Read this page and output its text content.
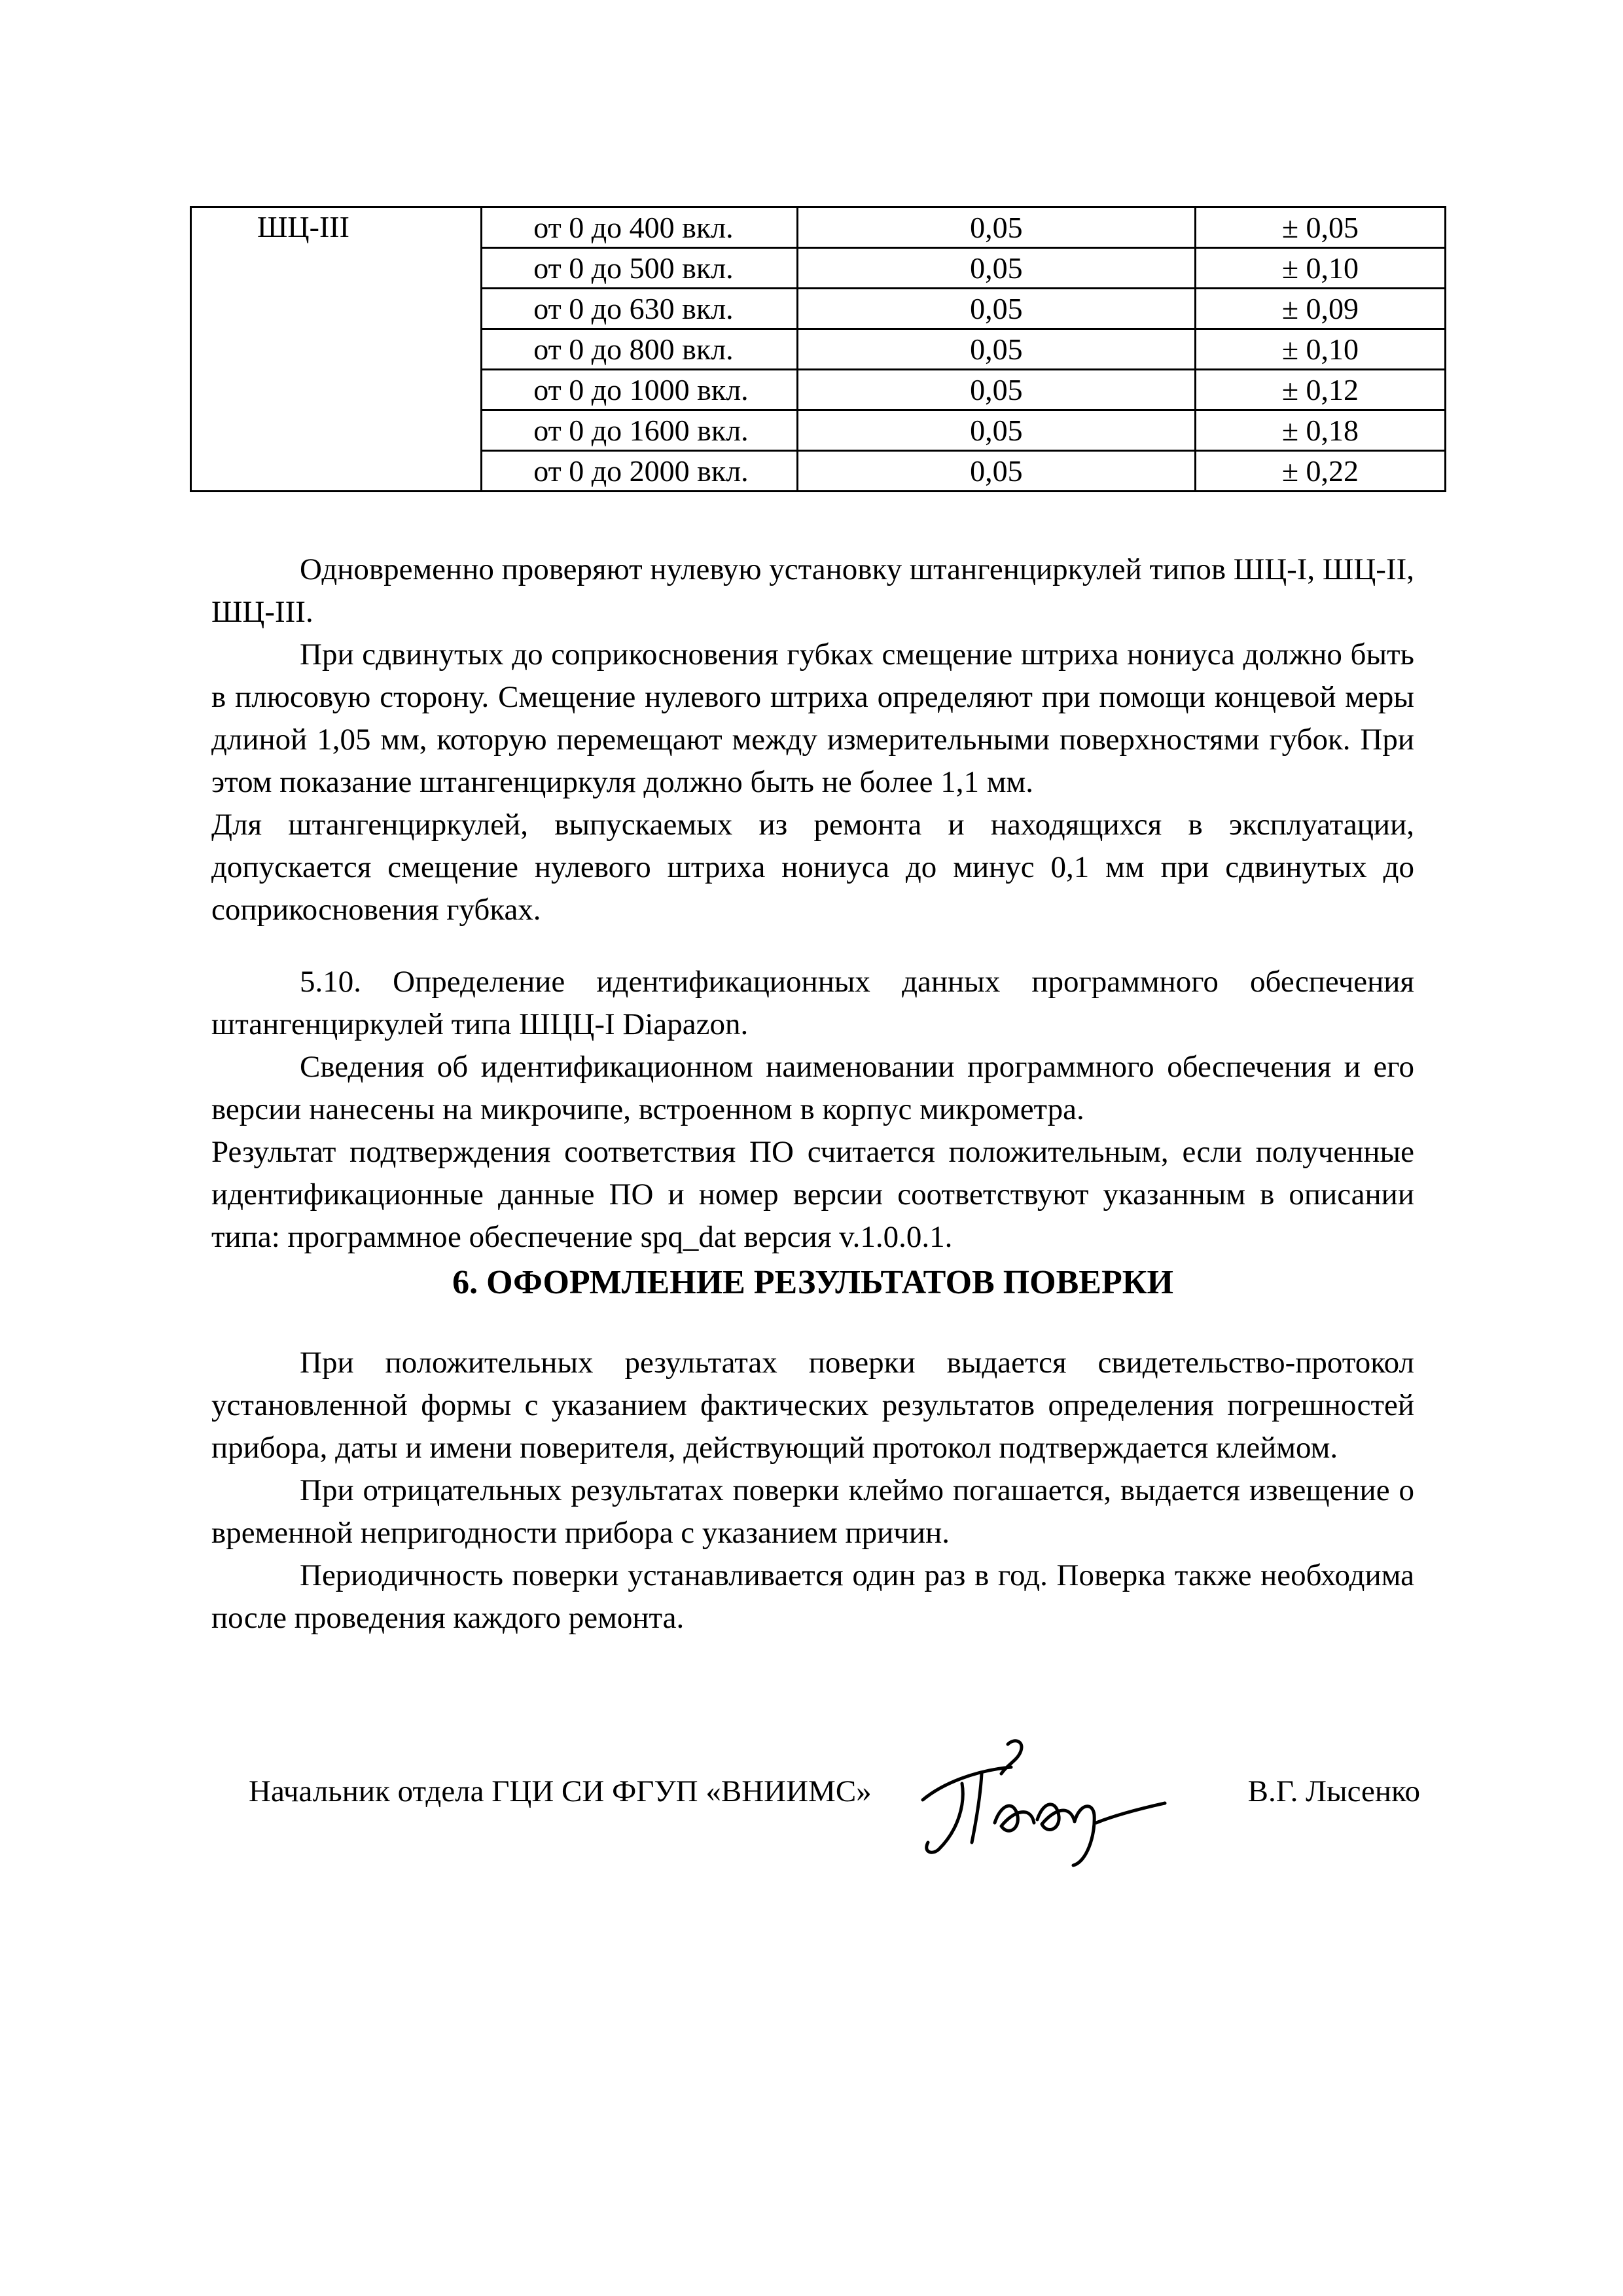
ШЦ-III	от 0 до 400 вкл.	0,05	± 0,05
	от 0 до 500 вкл.	0,05	± 0,10
	от 0 до 630 вкл.	0,05	± 0,09
	от 0 до 800 вкл.	0,05	± 0,10
	от 0 до 1000 вкл.	0,05	± 0,12
	от 0 до 1600 вкл.	0,05	± 0,18
	от 0 до 2000 вкл.	0,05	± 0,22

Одновременно проверяют нулевую установку штангенциркулей типов ШЦ-I, ШЦ-II, ШЦ-III.

При сдвинутых до соприкосновения губках смещение штриха нониуса должно быть в плюсовую сторону. Смещение нулевого штриха определяют при помощи концевой меры длиной 1,05 мм, которую перемещают между измерительными поверхностями губок. При этом показание штангенциркуля должно быть не более 1,1 мм.

Для штангенциркулей, выпускаемых из ремонта и находящихся в эксплуатации, допускается смещение нулевого штриха нониуса до минус 0,1 мм при сдвинутых до соприкосновения губках.

5.10. Определение идентификационных данных программного обеспечения штангенциркулей типа ШЦЦ-I Diapazon.

Сведения об идентификационном наименовании программного обеспечения и его версии нанесены на микрочипе, встроенном в корпус микрометра.

Результат подтверждения соответствия ПО считается положительным, если полученные идентификационные данные ПО и номер версии соответствуют указанным в описании типа: программное обеспечение spq_dat версия v.1.0.0.1.

6. ОФОРМЛЕНИЕ РЕЗУЛЬТАТОВ ПОВЕРКИ

При положительных результатах поверки выдается свидетельство-протокол установленной формы с указанием фактических результатов определения погрешностей прибора, даты и имени поверителя, действующий протокол подтверждается клеймом.

При отрицательных результатах поверки клеймо погашается, выдается извещение о временной непригодности прибора с указанием причин.

Периодичность поверки устанавливается один раз в год. Поверка также необходима после проведения каждого ремонта.

Начальник отдела ГЦИ СИ ФГУП «ВНИИМС»	В.Г. Лысенко
